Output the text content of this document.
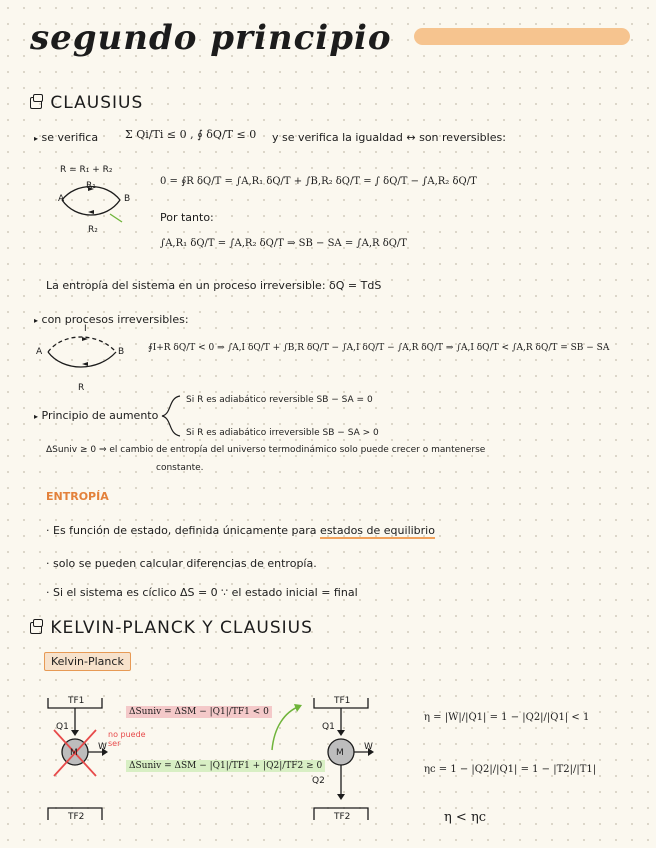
segundo principio
CLAUSIUS
▸ se verifica Σ Qi/Ti ≤ 0 , ∮ δQ/T ≤ 0 y se verifica la igualdad ↔ son reversibles:
R = R₁ + R₂
R₁
R₂
A	B
0 = ∮R δQ/T = ∫A,R₁ δQ/T + ∫B,R₂ δQ/T = ∫ δQ/T − ∫A,R₂ δQ/T
Por tanto:
∫A,R₁ δQ/T = ∫A,R₂ δQ/T ⇒ SB − SA = ∫A,R δQ/T
La entropía del sistema en un proceso irreversible: δQ = TdS
▸ con procesos irreversibles:
I
A	B
R
∮I+R δQ/T < 0 ⇒ ∫A,I δQ/T + ∫B,R δQ/T − ∫A,I δQ/T − ∫A,R δQ/T ⇒ ∫A,I δQ/T < ∫A,R δQ/T = SB − SA
▸ Principio de aumento
Si R es adiabático reversible SB − SA = 0
Si R es adiabático irreversible SB − SA > 0
ΔSuniv ≥ 0 ⇒ el cambio de entropía del universo termodinámico solo puede crecer o mantenerse
constante.
ENTROPÍA
· Es función de estado, definida únicamente para estados de equilibrio
· solo se pueden calcular diferencias de entropía.
· Si el sistema es cíclico ΔS = 0 ∵ el estado inicial = final
KELVIN-PLANCK Y CLAUSIUS
Kelvin-Planck
TF1
Q1
M
W
TF2
ΔSuniv = ΔSM − |Q1|/TF1 < 0
no puede ser
ΔSuniv = ΔSM − |Q1|/TF1 + |Q2|/TF2 ≥ 0
TF1
Q1
M
W
Q2
TF2
η = |W|/|Q1| = 1 − |Q2|/|Q1| < 1
ηc = 1 − |Q2|/|Q1| = 1 − |T2|/|T1|
η < ηc
